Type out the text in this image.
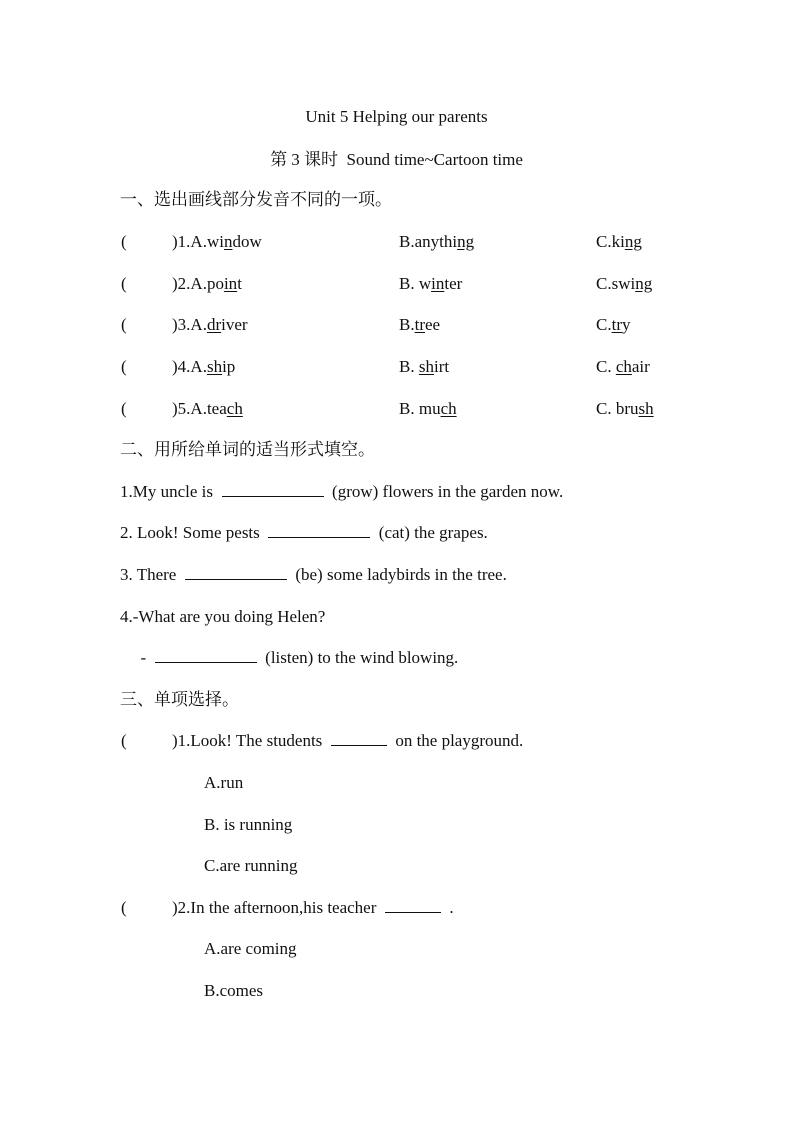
Unit 5 Helping our parents
第 3 课时  Sound time~Cartoon time
一、选出画线部分发音不同的一项。
(	)1.A.window	B.anything	C.king
(	)2.A.point	B. winter	C.swing
(	)3.A.driver	B.tree	C.try
(	)4.A.ship	B. shirt	C. chair
(	)5.A.teach	B. much	C. brush
二、用所给单词的适当形式填空。
1.My uncle is	(grow) flowers in the garden now.
2. Look! Some pests	(cat) the grapes.
3. There	(be) some ladybirds in the tree.
4.-What are you doing Helen?
-	(listen) to the wind blowing.
三、单项选择。
(	)1.Look! The students	on the playground.
A.run
B. is running
C.are running
(	)2.In the afternoon,his teacher	.
A.are coming
B.comes
